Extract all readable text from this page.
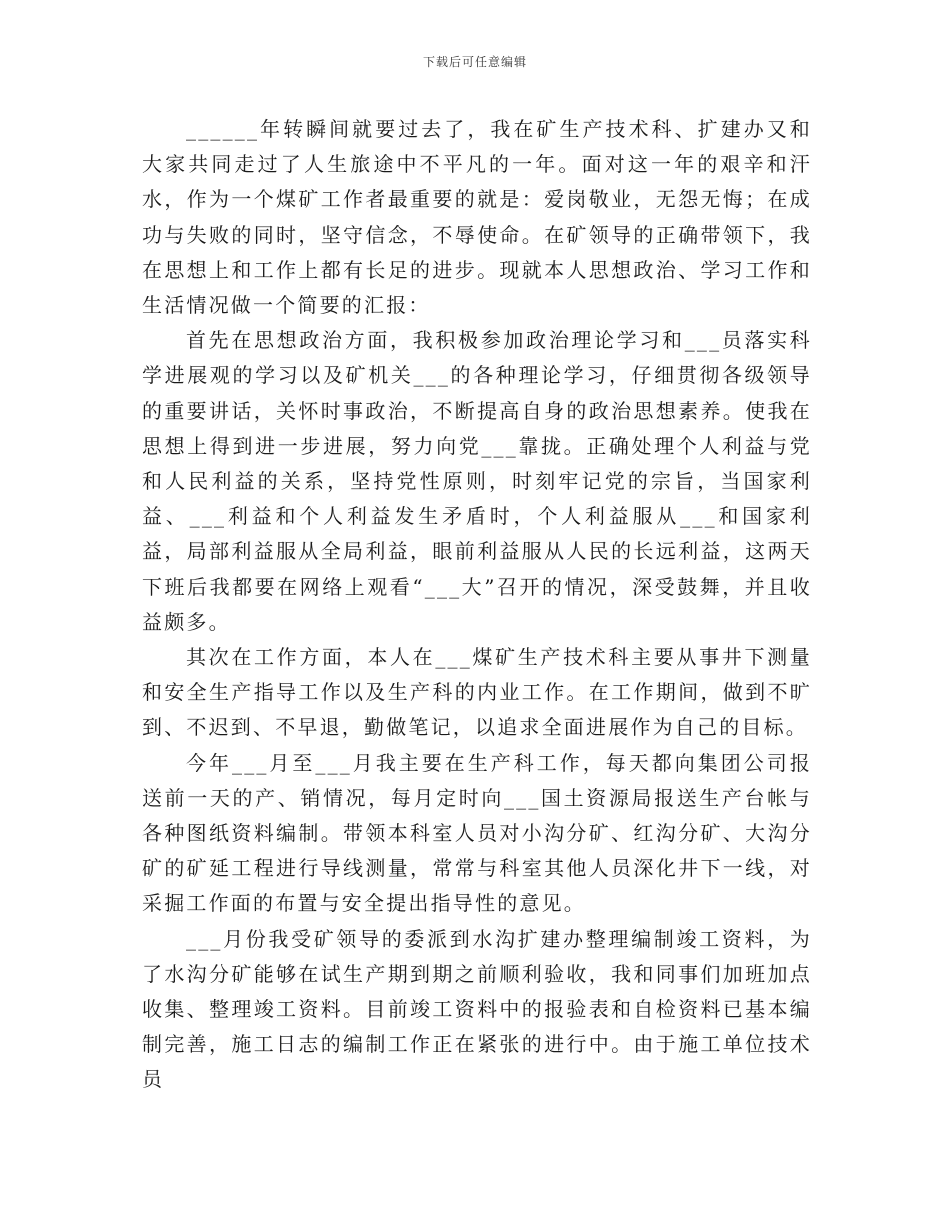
下载后可任意编辑

______年转瞬间就要过去了，我在矿生产技术科、扩建办又和大家共同走过了人生旅途中不平凡的一年。面对这一年的艰辛和汗水，作为一个煤矿工作者最重要的就是：爱岗敬业，无怨无悔；在成功与失败的同时，坚守信念，不辱使命。在矿领导的正确带领下，我在思想上和工作上都有长足的进步。现就本人思想政治、学习工作和生活情况做一个简要的汇报：

首先在思想政治方面，我积极参加政治理论学习和___员落实科学进展观的学习以及矿机关___的各种理论学习，仔细贯彻各级领导的重要讲话，关怀时事政治，不断提高自身的政治思想素养。使我在思想上得到进一步进展，努力向党___靠拢。正确处理个人利益与党和人民利益的关系，坚持党性原则，时刻牢记党的宗旨，当国家利益、___利益和个人利益发生矛盾时，个人利益服从___和国家利益，局部利益服从全局利益，眼前利益服从人民的长远利益，这两天下班后我都要在网络上观看“___大”召开的情况，深受鼓舞，并且收益颇多。

其次在工作方面，本人在___煤矿生产技术科主要从事井下测量和安全生产指导工作以及生产科的内业工作。在工作期间，做到不旷到、不迟到、不早退，勤做笔记，以追求全面进展作为自己的目标。

今年___月至___月我主要在生产科工作，每天都向集团公司报送前一天的产、销情况，每月定时向___国土资源局报送生产台帐与各种图纸资料编制。带领本科室人员对小沟分矿、红沟分矿、大沟分矿的矿延工程进行导线测量，常常与科室其他人员深化井下一线，对采掘工作面的布置与安全提出指导性的意见。

___月份我受矿领导的委派到水沟扩建办整理编制竣工资料，为了水沟分矿能够在试生产期到期之前顺利验收，我和同事们加班加点收集、整理竣工资料。目前竣工资料中的报验表和自检资料已基本编制完善，施工日志的编制工作正在紧张的进行中。由于施工单位技术员
